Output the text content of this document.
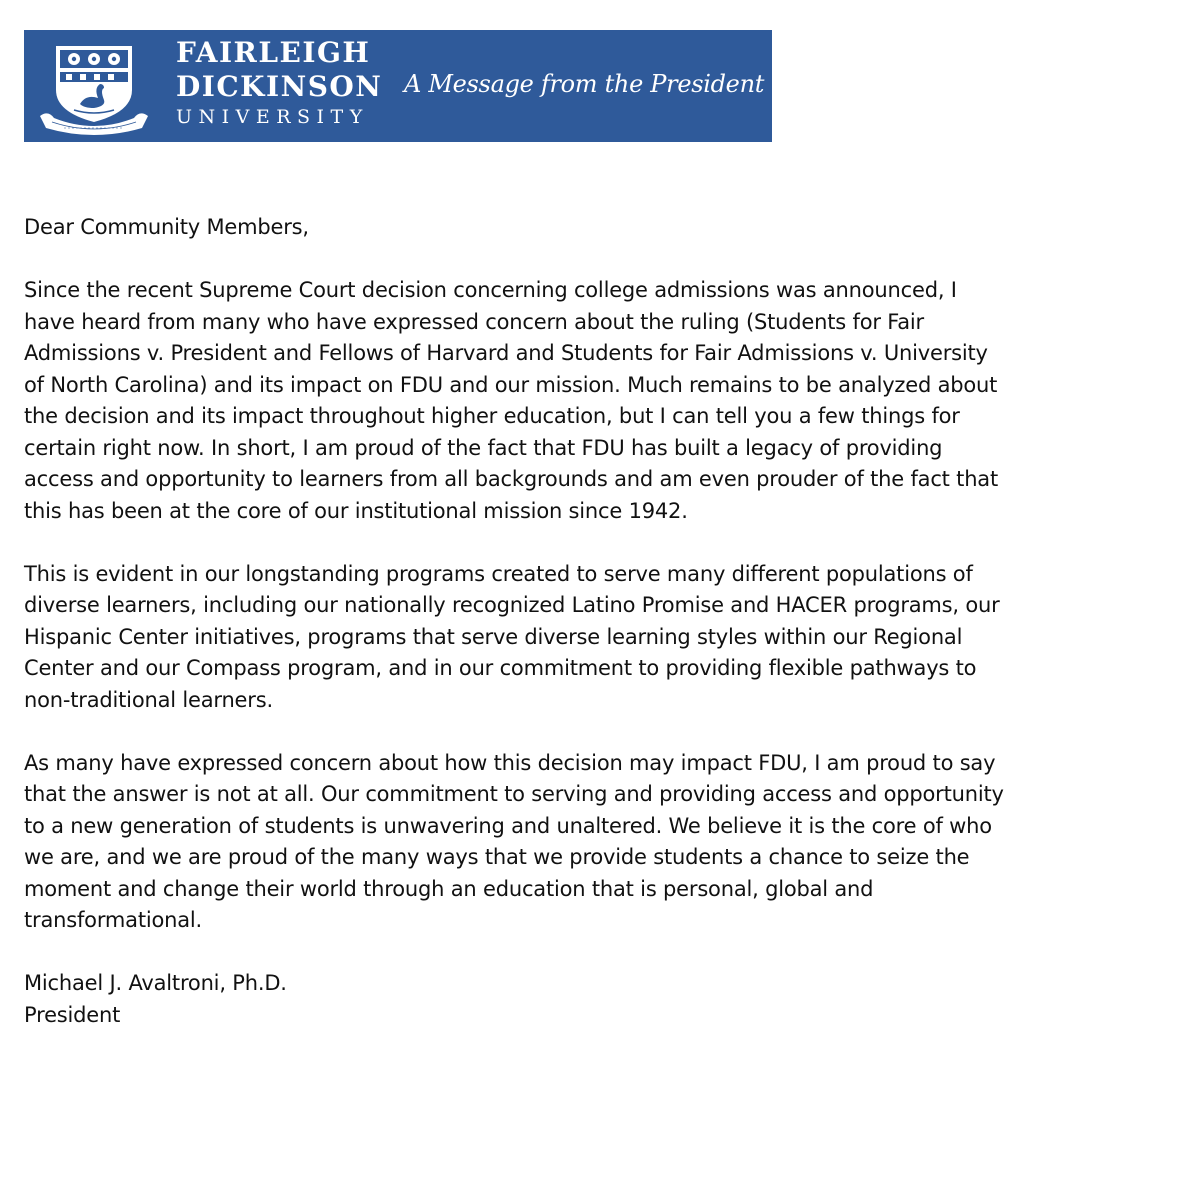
FAIRLEIGH
DICKINSON
UNIVERSITY
A Message from the President

Dear Community Members,

Since the recent Supreme Court decision concerning college admissions was announced, I
have heard from many who have expressed concern about the ruling (Students for Fair
Admissions v. President and Fellows of Harvard and Students for Fair Admissions v. University
of North Carolina) and its impact on FDU and our mission. Much remains to be analyzed about
the decision and its impact throughout higher education, but I can tell you a few things for
certain right now. In short, I am proud of the fact that FDU has built a legacy of providing
access and opportunity to learners from all backgrounds and am even prouder of the fact that
this has been at the core of our institutional mission since 1942.

This is evident in our longstanding programs created to serve many different populations of
diverse learners, including our nationally recognized Latino Promise and HACER programs, our
Hispanic Center initiatives, programs that serve diverse learning styles within our Regional
Center and our Compass program, and in our commitment to providing flexible pathways to
non-traditional learners.

As many have expressed concern about how this decision may impact FDU, I am proud to say
that the answer is not at all. Our commitment to serving and providing access and opportunity
to a new generation of students is unwavering and unaltered. We believe it is the core of who
we are, and we are proud of the many ways that we provide students a chance to seize the
moment and change their world through an education that is personal, global and
transformational.

Michael J. Avaltroni, Ph.D.
President
